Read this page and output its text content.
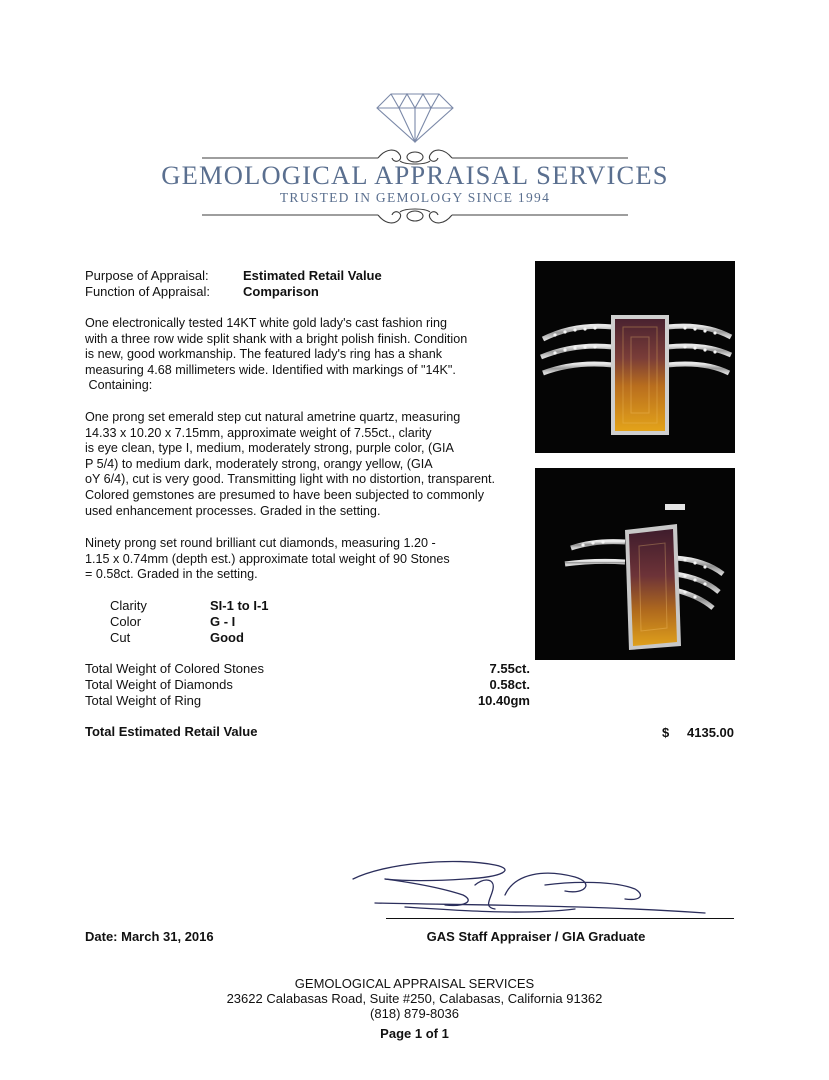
GEMOLOGICAL APPRAISAL SERVICES
TRUSTED IN GEMOLOGY SINCE 1994
Purpose of Appraisal:	Estimated Retail Value
Function of Appraisal:	Comparison
One electronically tested 14KT white gold lady's cast fashion ring
with a three row wide split shank with a bright polish finish. Condition
is new, good workmanship. The featured lady's ring has a shank
measuring 4.68 millimeters wide. Identified with markings of "14K".
Containing:
One prong set emerald step cut natural ametrine quartz, measuring
14.33 x 10.20 x 7.15mm, approximate weight of 7.55ct., clarity
is eye clean, type I, medium, moderately strong, purple color, (GIA
P 5/4) to medium dark, moderately strong, orangy yellow, (GIA
oY 6/4), cut is very good. Transmitting light with no distortion, transparent.
Colored gemstones are presumed to have been subjected to commonly
used enhancement processes. Graded in the setting.
Ninety prong set round brilliant cut diamonds, measuring 1.20 -
1.15 x 0.74mm (depth est.) approximate total weight of 90 Stones
= 0.58ct. Graded in the setting.
Clarity	SI-1 to I-1
Color	G - I
Cut	Good
Total Weight of Colored Stones	7.55ct.
Total Weight of Diamonds	0.58ct.
Total Weight of Ring	10.40gm
Total Estimated Retail Value	$	4135.00
Date: March 31, 2016	GAS Staff Appraiser / GIA Graduate
GEMOLOGICAL APPRAISAL SERVICES
23622 Calabasas Road, Suite #250, Calabasas, California 91362
(818) 879-8036
Page 1 of 1
